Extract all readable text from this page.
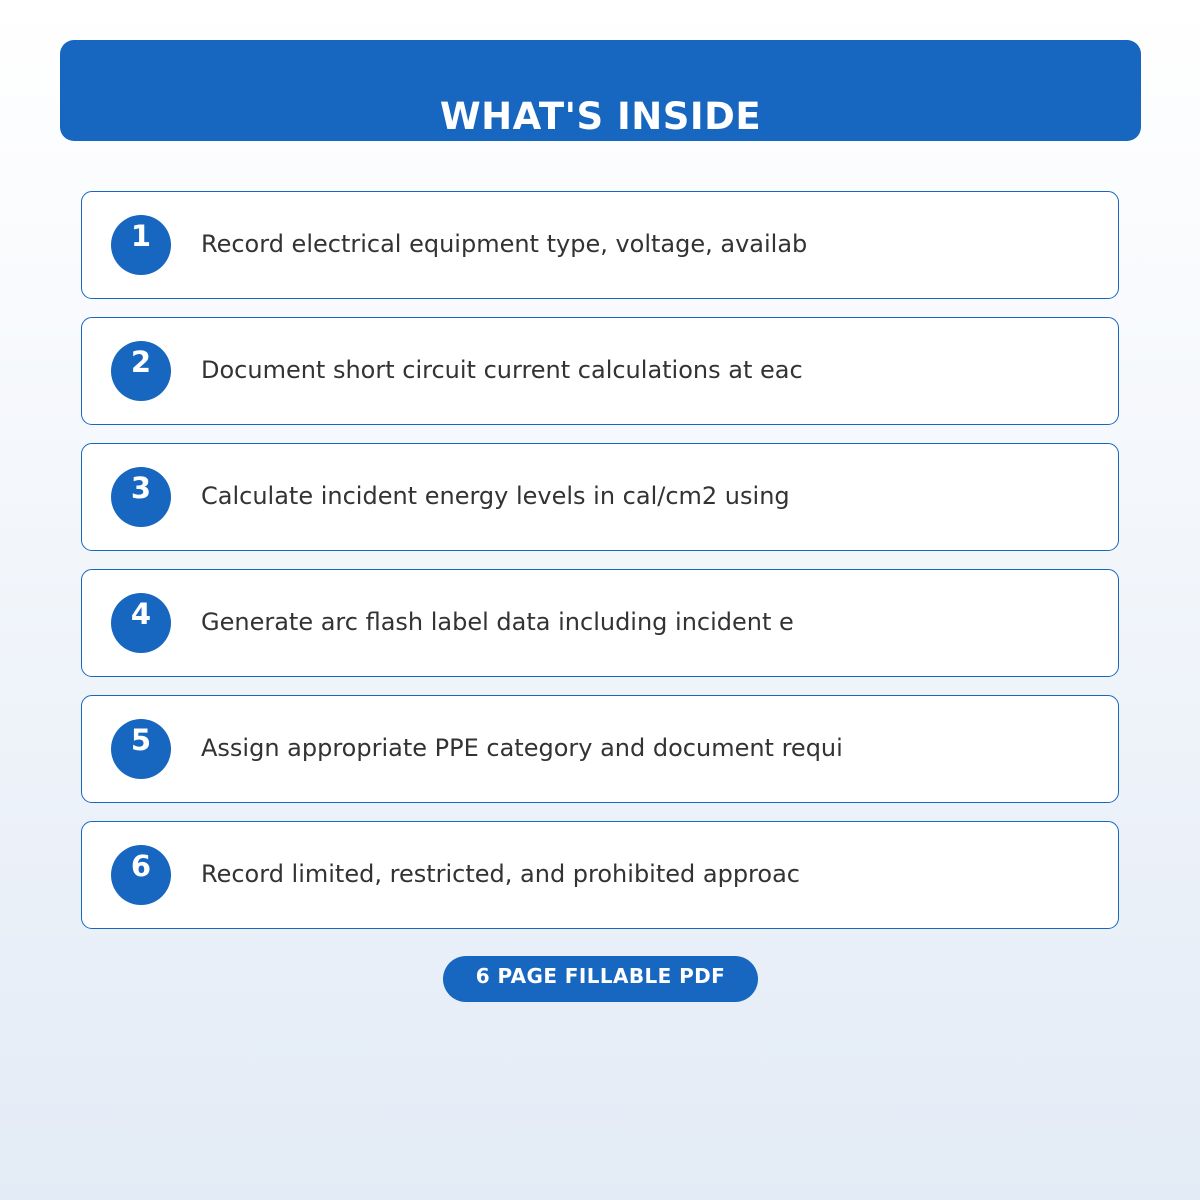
WHAT'S INSIDE
1	Record electrical equipment type, voltage, availab
2	Document short circuit current calculations at eac
3	Calculate incident energy levels in cal/cm2 using
4	Generate arc flash label data including incident e
5	Assign appropriate PPE category and document requi
6	Record limited, restricted, and prohibited approac
6 PAGE FILLABLE PDF
